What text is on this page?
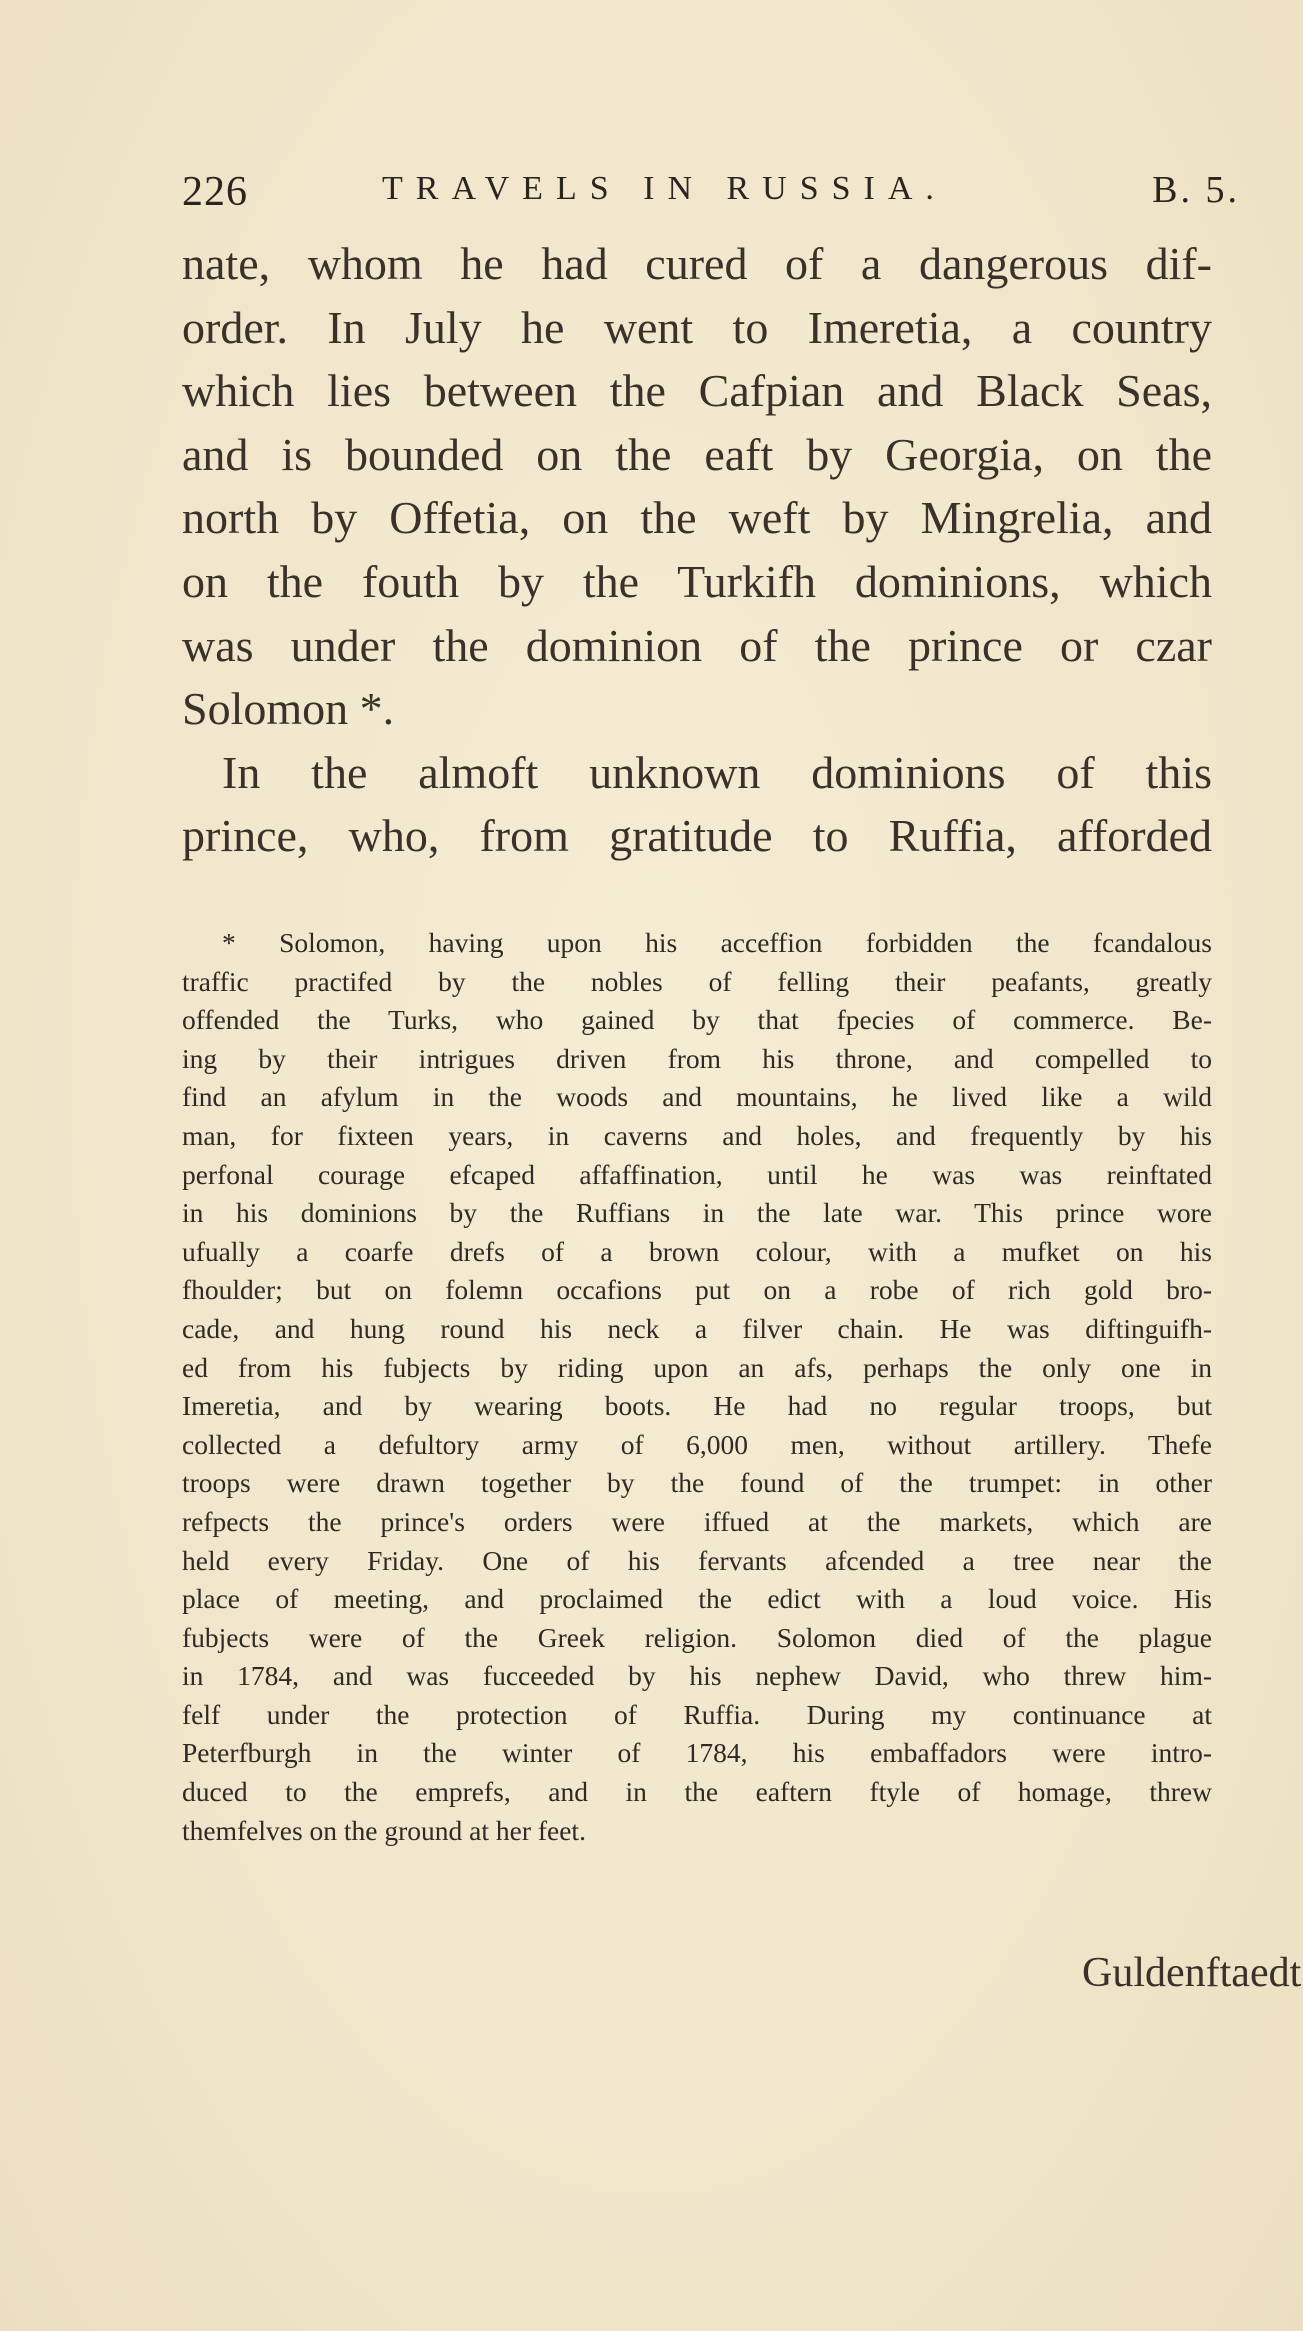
226	TRAVELS IN RUSSIA.	B. 5.
nate, whom he had cured of a dangerous dif-
order. In July he went to Imeretia, a country
which lies between the Cafpian and Black Seas,
and is bounded on the eaft by Georgia, on the
north by Offetia, on the weft by Mingrelia, and
on the fouth by the Turkifh dominions, which
was under the dominion of the prince or czar
Solomon *.
In the almoft unknown dominions of this
prince, who, from gratitude to Ruffia, afforded
* Solomon, having upon his acceffion forbidden the fcandalous
traffic practifed by the nobles of felling their peafants, greatly
offended the Turks, who gained by that fpecies of commerce. Be-
ing by their intrigues driven from his throne, and compelled to
find an afylum in the woods and mountains, he lived like a wild
man, for fixteen years, in caverns and holes, and frequently by his
perfonal courage efcaped affaffination, until he was was reinftated
in his dominions by the Ruffians in the late war. This prince wore
ufually a coarfe drefs of a brown colour, with a mufket on his
fhoulder; but on folemn occafions put on a robe of rich gold bro-
cade, and hung round his neck a filver chain. He was diftinguifh-
ed from his fubjects by riding upon an afs, perhaps the only one in
Imeretia, and by wearing boots. He had no regular troops, but
collected a defultory army of 6,000 men, without artillery. Thefe
troops were drawn together by the found of the trumpet: in other
refpects the prince's orders were iffued at the markets, which are
held every Friday. One of his fervants afcended a tree near the
place of meeting, and proclaimed the edict with a loud voice. His
fubjects were of the Greek religion. Solomon died of the plague
in 1784, and was fucceeded by his nephew David, who threw him-
felf under the protection of Ruffia. During my continuance at
Peterfburgh in the winter of 1784, his embaffadors were intro-
duced to the emprefs, and in the eaftern ftyle of homage, threw
themfelves on the ground at her feet.
Guldenftaedt
